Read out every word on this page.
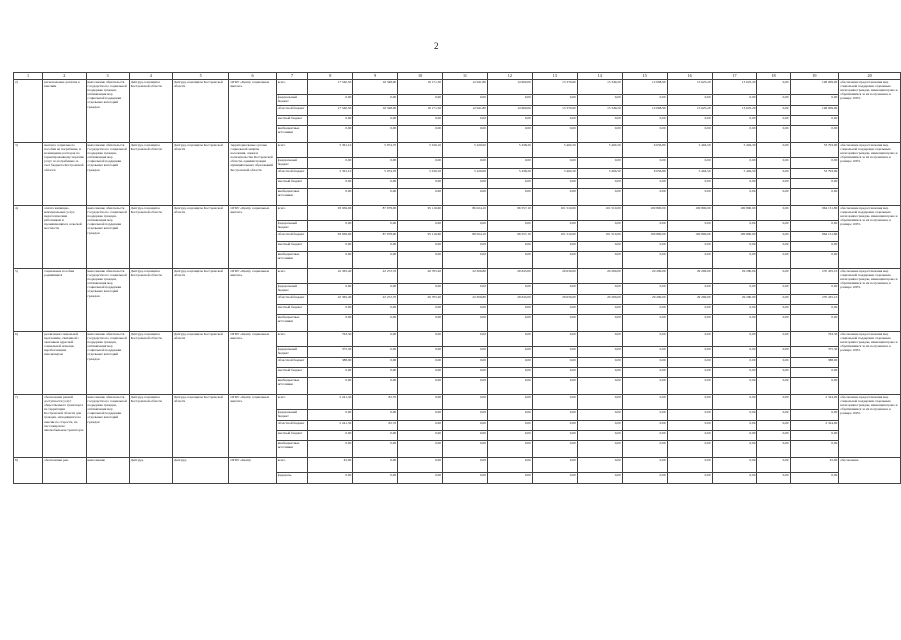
2
1	2	3	4	5	6	7	8	9	10	11	12	13	14	15	16	17	18	19	20
2)	региональные доплаты к пенсиям	выполнение обязательств государства по социальной поддержке граждан, оптимизация мер социальной поддержки отдельных категорий граждан	Депгруд-соцзащиты Костромской области	Депгруд-соцзащиты Костромской области	ОГКУ «Центр социальных выплат»	всего	17 540,50	16 348,00	16 171,50	12 941,80	14 960,00	15 379,60	15 349,20	12 008,90	13 625,20	13 625,20	0,00	148 009,90	обеспечение предоставления мер социальной поддержки отдельным категориям граждан, имеющим право и обратившимся за их получением, в размере 100%
						федеральный бюджет	0,00	0,00	0,00	0,00	0,00	0,00	0,00	0,00	0,00	0,00	0,00	0,00	
						областной бюджет	17 540,50	16 348,00	16 171,50	12 941,80	14 960,00	15 379,60	15 349,20	12 008,90	13 625,20	13 625,20	0,00	148 009,90	
						местный бюджет	0,00	0,00	0,00	0,00	0,00	0,00	0,00	0,00	0,00	0,00	0,00	0,00	
						внебюджетные источники	0,00	0,00	0,00	0,00	0,00	0,00	0,00	0,00	0,00	0,00	0,00	0,00	
3)	выплата социального пособия на погребение, и возмещение расходов по гарантированному перечню услуг по погребению за счет бюджета Костромской области	выполнение обязательств государства по социальной поддержке граждан, оптимизация мер социальной поддержки отдельных категорий граждан	Депгруд-соцзащиты Костромской области	Депгруд-соцзащиты Костромской области	территориальные органы социальной защиты населения, опеки и попечительства Костромской области, администрации муниципальных образований Костромской области	всего	5 361,10	5 074,70	5 016,10	5 229,00	5 438,20	5 404,50	5 404,50	6 056,80	5 404,50	5 404,50	0,00	53 793,90	обеспечение предоставления мер социальной поддержки отдельным категориям граждан, имеющим право и обратившимся за их получением, в размере 100%
						федеральный бюджет	0,00	0,00	0,00	0,00	0,00	0,00	0,00	0,00	0,00	0,00	0,00	0,00	
						областной бюджет	5 361,10	5 074,70	5 016,10	5 229,00	5 438,20	5 404,50	5 404,50	6 056,80	5 404,50	5 404,50	0,00	53 793,90	
						местный бюджет	0,00	0,00	0,00	0,00	0,00	0,00	0,00	0,00	0,00	0,00	0,00	0,00	
						внебюджетные источники	0,00	0,00	0,00	0,00	0,00	0,00	0,00	0,00	0,00	0,00	0,00	0,00	
4)	оплата жилищно-коммунальных услуг, педагогическим работникам и проживающим в сельской местности	выполнение обязательств государства по социальной поддержке граждан, оптимизация мер социальной поддержки отдельных категорий граждан	Депгруд-соцзащиты Костромской области	Депгруд-соцзащиты Костромской области	ОГКУ «Центр социальных выплат»	всего	93 936,00	87 078,00	95 116,60	86 024,10	96 557,10	101 510,00	101 510,00	100 800,00	100 800,00	100 800,00	0,00	964 131,80	обеспечение предоставления мер социальной поддержки отдельным категориям граждан, имеющим право и обратившимся за их получением, в размере 100%
						федеральный бюджет	0,00	0,00	0,00	0,00	0,00	0,00	0,00	0,00	0,00	0,00	0,00	0,00	
						областной бюджет	93 936,00	87 078,00	95 116,60	86 024,10	96 557,10	101 510,00	101 510,00	100 800,00	100 800,00	100 800,00	0,00	964 131,80	
						местный бюджет	0,00	0,00	0,00	0,00	0,00	0,00	0,00	0,00	0,00	0,00	0,00	0,00	
						внебюджетные источники	0,00	0,00	0,00	0,00	0,00	0,00	0,00	0,00	0,00	0,00	0,00	0,00	
5)	социальные пособия родившимся	выполнение обязательств государства по социальной поддержке граждан, оптимизация мер социальной поддержки отдельных категорий граждан	Депгруд-соцзащиты Костромской области	Депгруд-соцзащиты Костромской области	ОГКУ «Центр социальных выплат»	всего	22 365,40	22 272,70	26 705,20	22 656,80	29 645,00	29 630,00	29 290,00	29 290,00	29 290,00	29 290,00	0,00	270 435,10	обеспечение предоставления мер социальной поддержки отдельным категориям граждан, имеющим право и обратившимся за их получением, в размере 100%
						федеральный бюджет	0,00	0,00	0,00	0,00	0,00	0,00	0,00	0,00	0,00	0,00	0,00	0,00	
						областной бюджет	22 365,40	22 272,70	26 705,20	22 656,80	29 645,00	29 630,00	29 290,00	29 290,00	29 290,00	29 290,00	0,00	270 435,10	
						местный бюджет	0,00	0,00	0,00	0,00	0,00	0,00	0,00	0,00	0,00	0,00	0,00	0,00	
						внебюджетные источники	0,00	0,00	0,00	0,00	0,00	0,00	0,00	0,00	0,00	0,00	0,00	0,00	
6)	реализация социальной программы, связанной с оказанием адресной социальной помощи неработающим пенсионерам	выполнение обязательств государства по социальной поддержке граждан, оптимизация мер социальной поддержки отдельных категорий граждан	Депгруд-соцзащиты Костромской области	Депгруд-соцзащиты Костромской области	ОГКУ «Центр социальных выплат»	всего	763,30	0,00	0,00	0,00	0,00	0,00	0,00	0,00	0,00	0,00	0,00	763,30	обеспечение предоставления мер социальной поддержки отдельным категориям граждан, имеющим право и обратившимся за их получением, в размере 100%
						федеральный бюджет	375,30	0,00	0,00	0,00	0,00	0,00	0,00	0,00	0,00	0,00	0,00	375,30	
						областной бюджет	388,00	0,00	0,00	0,00	0,00	0,00	0,00	0,00	0,00	0,00	0,00	388,00	
						местный бюджет	0,00	0,00	0,00	0,00	0,00	0,00	0,00	0,00	0,00	0,00	0,00	0,00	
						внебюджетные источники	0,00	0,00	0,00	0,00	0,00	0,00	0,00	0,00	0,00	0,00	0,00	0,00	
7)	обеспечение равной доступности услуг общественного транспорта на территории Костромской области для граждан, находящихся на пенсии по старости, на пассажирском автомобильном транспорте	выполнение обязательств государства по социальной поддержке граждан, оптимизация мер социальной поддержки отдельных категорий граждан	Депгруд-соцзащиты Костромской области	Депгруд-соцзащиты Костромской области	ОГКУ «Центр социальных выплат»	всего	2 241,30	82,70	0,00	0,00	0,00	0,00	0,00	0,00	0,00	0,00	0,00	2 324,00	обеспечение предоставления мер социальной поддержки отдельным категориям граждан, имеющим право и обратившимся за их получением, в размере 100%
						федеральный бюджет	0,00	0,00	0,00	0,00	0,00	0,00	0,00	0,00	0,00	0,00	0,00	0,00	
						областной бюджет	2 241,30	82,70	0,00	0,00	0,00	0,00	0,00	0,00	0,00	0,00	0,00	2 324,00	
						местный бюджет	0,00	0,00	0,00	0,00	0,00	0,00	0,00	0,00	0,00	0,00	0,00	0,00	
						внебюджетные источники	0,00	0,00	0,00	0,00	0,00	0,00	0,00	0,00	0,00	0,00	0,00	0,00	
8)	обеспечение рав-	выполнение	Депгруд-	Депгруд-	ОГКУ «Центр	всего	45,00	0,00	0,00	0,00	0,00	0,00	0,00	0,00	0,00	0,00	0,00	45,00	обеспечение
						федераль-	0,00	0,00	0,00	0,00	0,00	0,00	0,00	0,00	0,00	0,00	0,00	0,00	
